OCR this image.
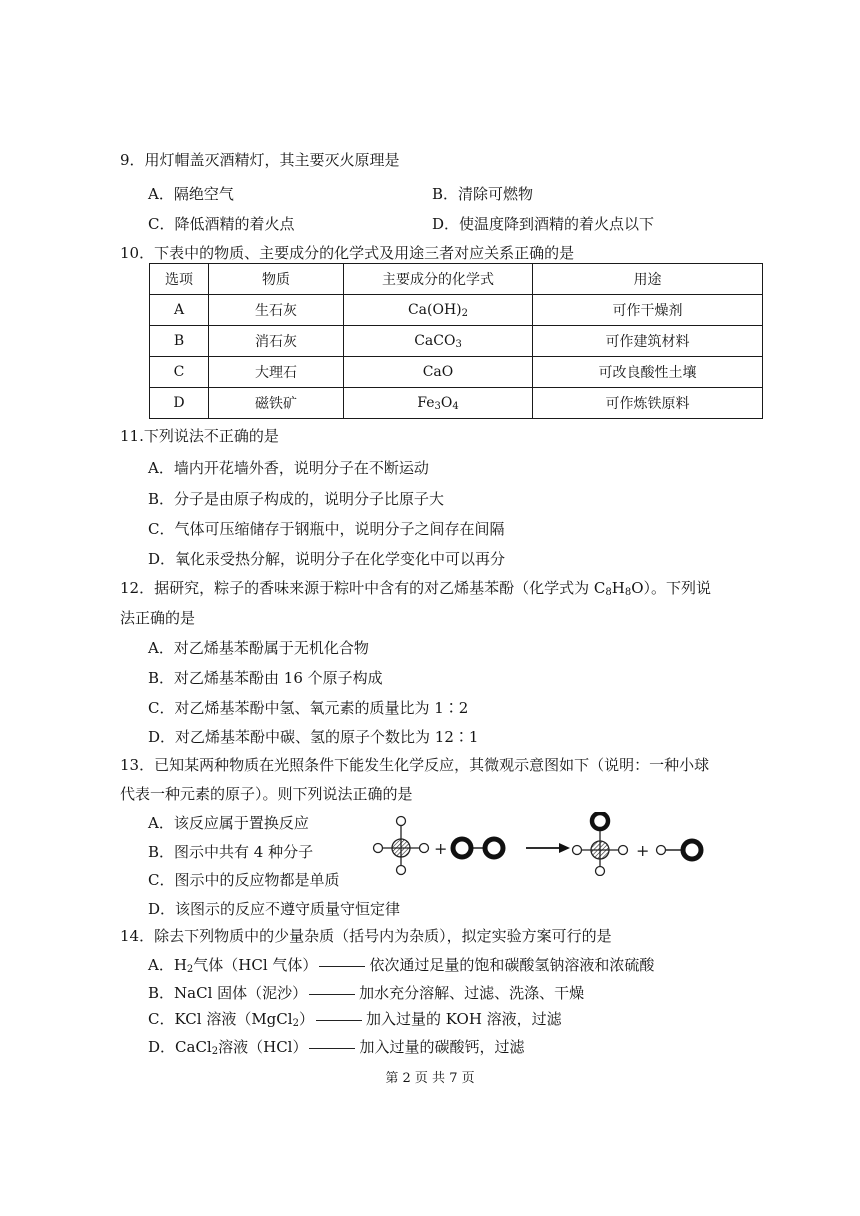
9．用灯帽盖灭酒精灯，其主要灭火原理是
A．隔绝空气	B．清除可燃物
C．降低酒精的着火点	D．使温度降到酒精的着火点以下
10．下表中的物质、主要成分的化学式及用途三者对应关系正确的是
选项	物质	主要成分的化学式	用途
A	生石灰	$Ca(OH)_2$	可作干燥剂
B	消石灰	CaCO$_3$	可作建筑材料
C	大理石	CaO	可改良酸性土壤
D	磁铁矿	$Fe_3O_4$	可作炼铁原料
11.下列说法不正确的是
A．墙内开花墙外香，说明分子在不断运动
B．分子是由原子构成的，说明分子比原子大
C．气体可压缩储存于钢瓶中，说明分子之间存在间隔
D．氧化汞受热分解，说明分子在化学变化中可以再分
12．据研究，粽子的香味来源于粽叶中含有的对乙烯基苯酚（化学式为 $C_8H_8O$）。下列说
法正确的是
A．对乙烯基苯酚属于无机化合物
B．对乙烯基苯酚由 16 个原子构成
C．对乙烯基苯酚中氢、氧元素的质量比为 1∶2
D．对乙烯基苯酚中碳、氢的原子个数比为 12∶1
13．已知某两种物质在光照条件下能发生化学反应，其微观示意图如下（说明：一种小球
代表一种元素的原子）。则下列说法正确的是
A．该反应属于置换反应
B．图示中共有 4 种分子
C．图示中的反应物都是单质
D．该图示的反应不遵守质量守恒定律
+	+
14．除去下列物质中的少量杂质（括号内为杂质），拟定实验方案可行的是
A．$H_2$气体（HCl 气体）	依次通过足量的饱和碳酸氢钠溶液和浓硫酸
B．NaCl 固体（泥沙）	加水充分溶解、过滤、洗涤、干燥
C．KCl 溶液（MgCl$_2$）	加入过量的 KOH 溶液，过滤
D．CaCl$_2$溶液（HCl）	加入过量的碳酸钙，过滤
第 2 页 共 7 页
